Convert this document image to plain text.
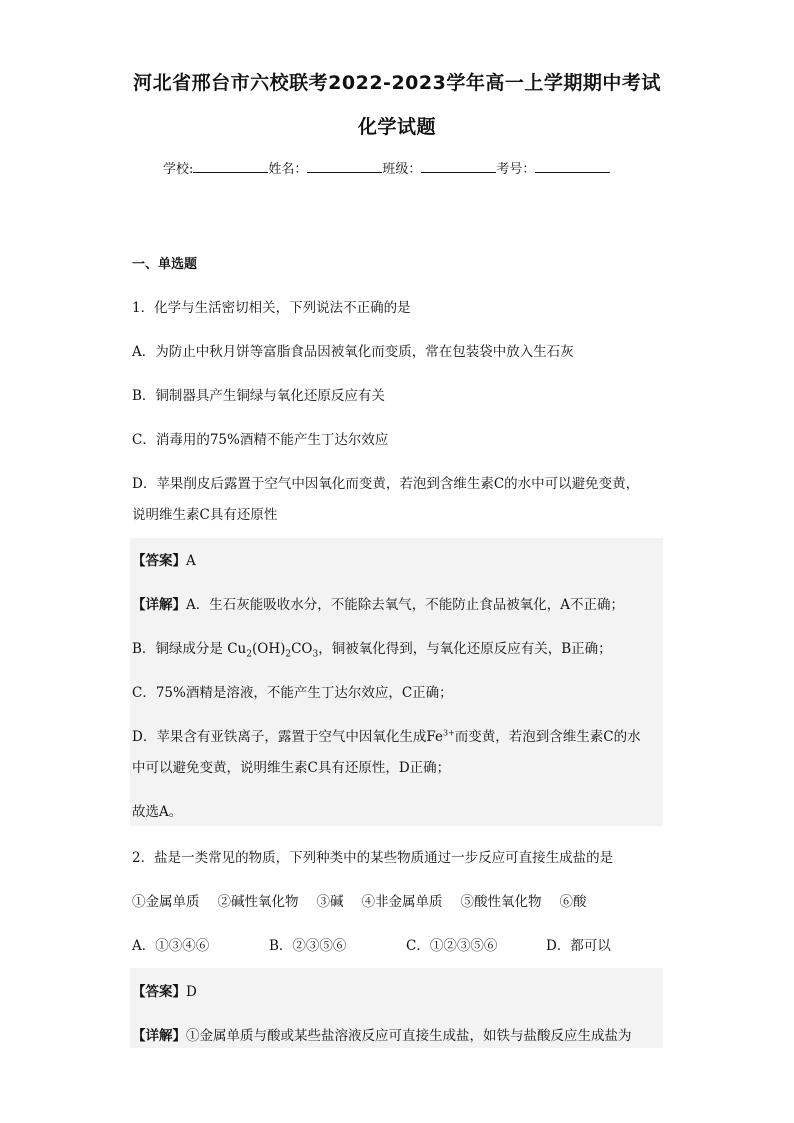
河北省邢台市六校联考2022-2023学年高一上学期期中考试
化学试题
学校:	姓名：	班级：	考号：
一、单选题
1．化学与生活密切相关，下列说法不正确的是
A．为防止中秋月饼等富脂食品因被氧化而变质，常在包装袋中放入生石灰
B．铜制器具产生铜绿与氧化还原反应有关
C．消毒用的75%酒精不能产生丁达尔效应
D．苹果削皮后露置于空气中因氧化而变黄，若泡到含维生素C的水中可以避免变黄，
说明维生素C具有还原性
【答案】A
【详解】A．生石灰能吸收水分，不能除去氧气，不能防止食品被氧化，A不正确；
B．铜绿成分是 $Cu_2(OH)_2CO_3$，铜被氧化得到，与氧化还原反应有关，B正确；
C．75%酒精是溶液，不能产生丁达尔效应，C正确；
D．苹果含有亚铁离子，露置于空气中因氧化生成$Fe^{3+}$而变黄，若泡到含维生素C的水
中可以避免变黄，说明维生素C具有还原性，D正确；
故选A。
2．盐是一类常见的物质，下列种类中的某些物质通过一步反应可直接生成盐的是
①金属单质 ②碱性氧化物 ③碱 ④非金属单质 ⑤酸性氧化物 ⑥酸
A．①③④⑥	B．②③⑤⑥	C．①②③⑤⑥	D．都可以
【答案】D
【详解】①金属单质与酸或某些盐溶液反应可直接生成盐，如铁与盐酸反应生成盐为
